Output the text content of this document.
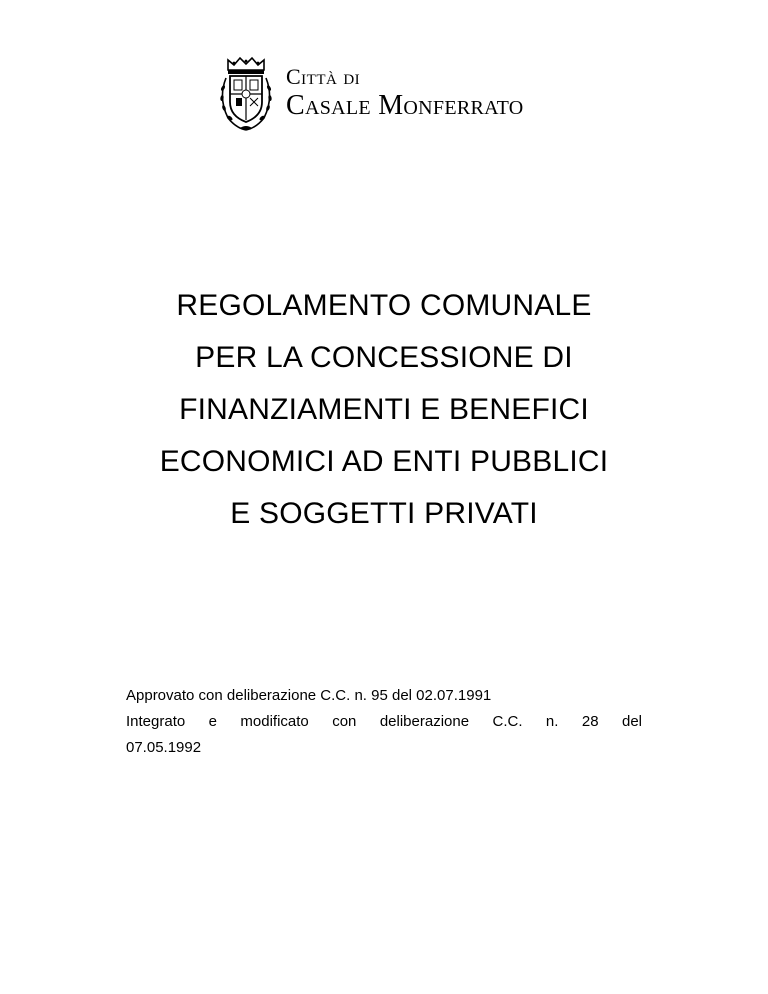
Città di
Casale Monferrato
REGOLAMENTO COMUNALE
PER LA CONCESSIONE DI
FINANZIAMENTI E BENEFICI
ECONOMICI AD ENTI PUBBLICI
E SOGGETTI PRIVATI
Approvato con deliberazione C.C. n. 95 del 02.07.1991
Integrato e modificato con deliberazione C.C. n. 28 del
07.05.1992
